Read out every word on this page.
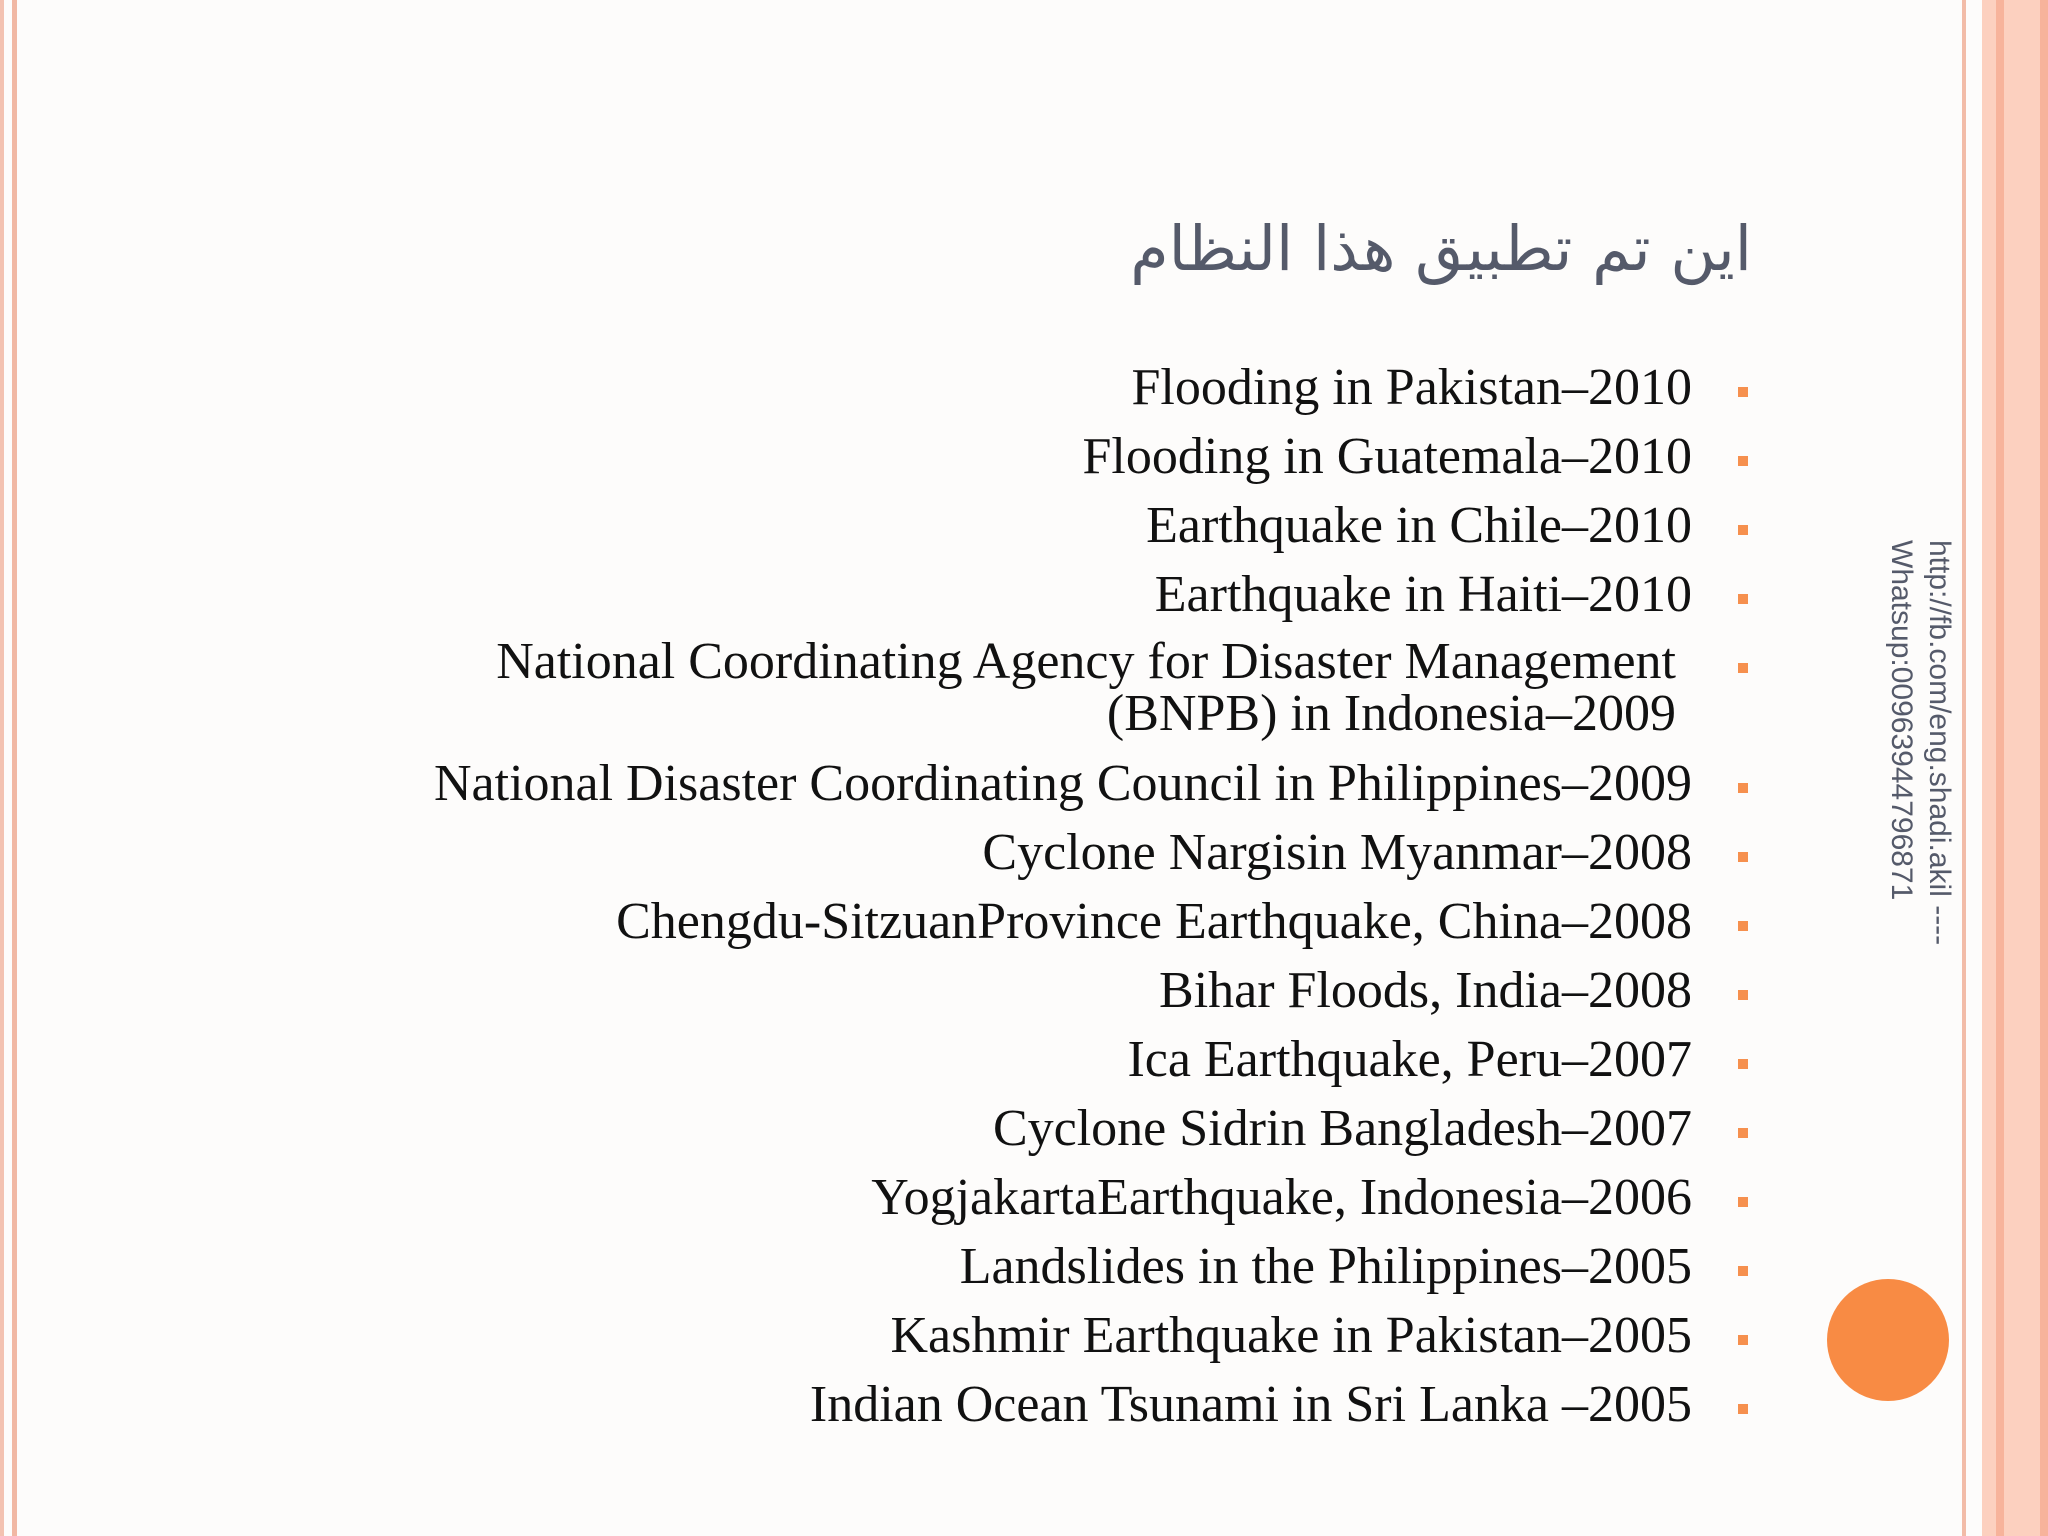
اين تم تطبيق هذا النظام
Flooding in Pakistan–2010
Flooding in Guatemala–2010
Earthquake in Chile–2010
Earthquake in Haiti–2010
National Coordinating Agency for Disaster Management
(BNPB) in Indonesia–2009
National Disaster Coordinating Council in Philippines–2009
Cyclone Nargisin Myanmar–2008
Chengdu-SitzuanProvince Earthquake, China–2008
Bihar Floods, India–2008
Ica Earthquake, Peru–2007
Cyclone Sidrin Bangladesh–2007
YogjakartaEarthquake, Indonesia–2006
Landslides in the Philippines–2005
Kashmir Earthquake in Pakistan–2005
Indian Ocean Tsunami in Sri Lanka –2005
http://fb.com/eng.shadi.akil ----
Whatsup:00963944796871
